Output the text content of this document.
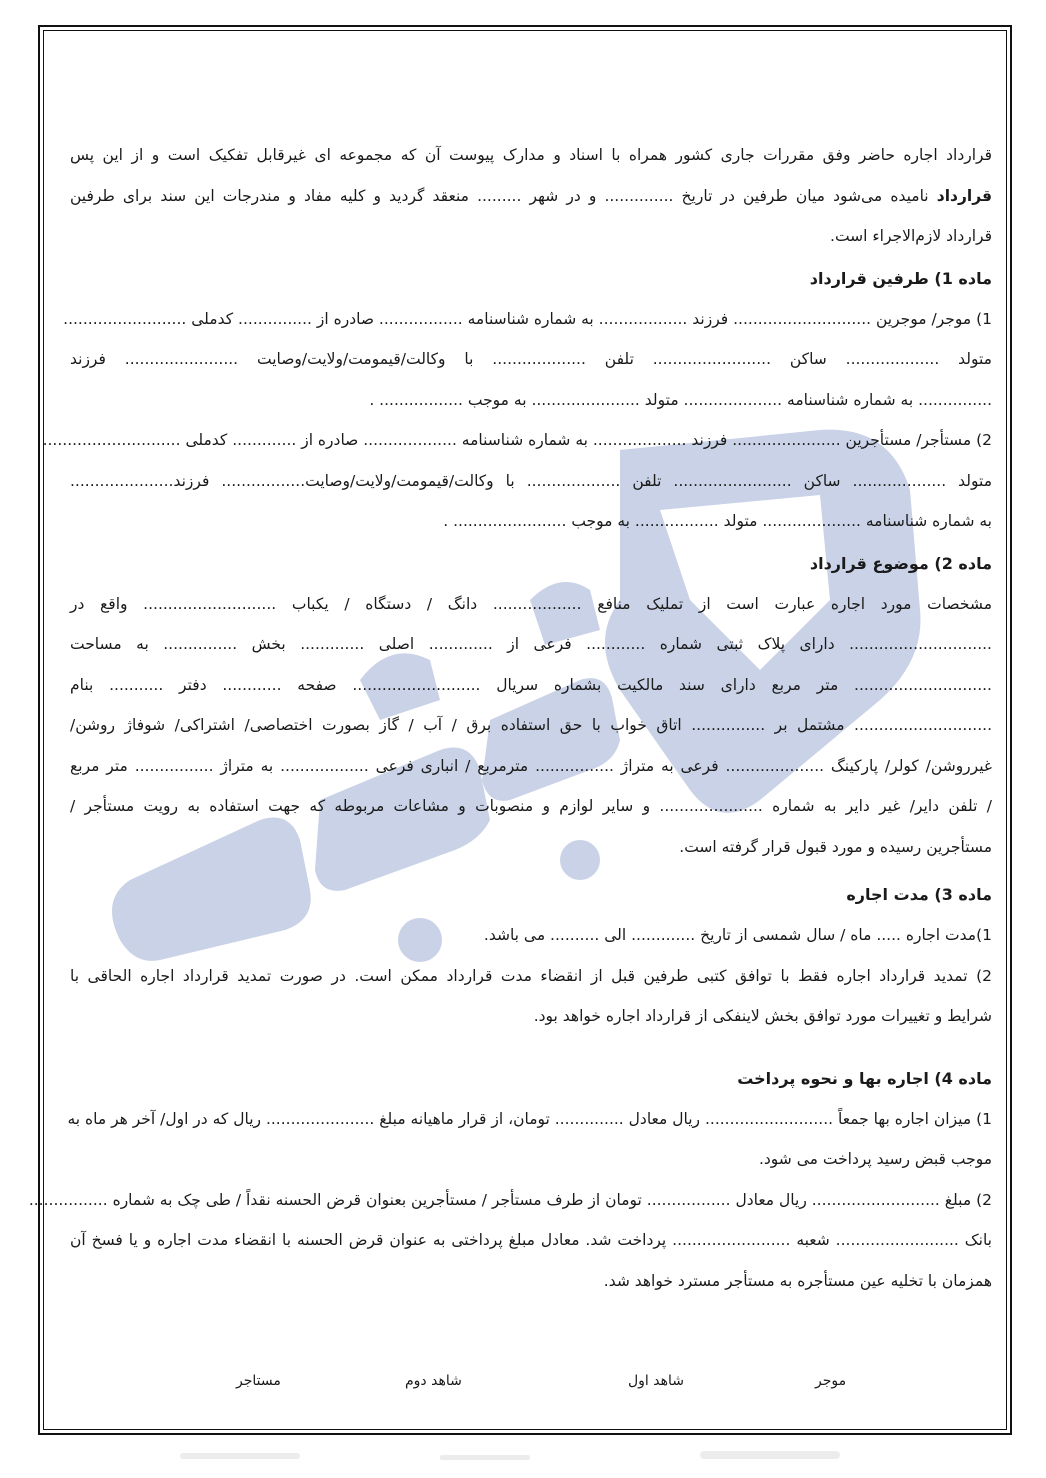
قرارداد اجاره حاضر وفق مقررات جاری کشور همراه با اسناد و مدارک پیوست آن که مجموعه ای غیرقابل تفکیک است و از این پس

قرارداد نامیده می‌شود میان طرفین در تاریخ .............. و در شهر ......... منعقد گردید و کلیه مفاد و مندرجات این سند برای طرفین

قرارداد لازم‌الاجراء است.

ماده 1) طرفین قرارداد

1) موجر/ موجرین ............................ فرزند .................. به شماره شناسنامه ................. صادره از ............... کدملی .........................

متولد ................... ساکن ........................ تلفن ................... با وکالت/قیمومت/ولایت/وصایت ....................... فرزند

............... به شماره شناسنامه .................... متولد ...................... به موجب ................. .

2) مستأجر/ مستأجرین ...................... فرزند ................... به شماره شناسنامه ................... صادره از ............. کدملی ............................

متولد ................... ساکن ........................ تلفن ................... با وکالت/قیمومت/ولایت/وصایت................. فرزند.....................

به شماره شناسنامه .................... متولد ................. به موجب ....................... .

ماده 2) موضوع قرارداد

مشخصات مورد اجاره عبارت است از تملیک منافع .................. دانگ / دستگاه / یکباب ........................... واقع در

............................. دارای پلاک ثبتی شماره ............ فرعی از ............. اصلی ............. بخش ............... به مساحت

............................ متر مربع دارای سند مالکیت بشماره سریال .......................... صفحه ............ دفتر ........... بنام

............................ مشتمل بر ............... اتاق خواب با حق استفاده برق / آب / گاز بصورت اختصاصی/ اشتراکی/ شوفاژ روشن/

غیرروشن/ کولر/ پارکینگ .................... فرعی به متراژ ................ مترمربع / انباری فرعی .................. به متراژ ................ متر مربع

/ تلفن دایر/ غیر دایر به شماره ..................... و سایر لوازم و منصوبات و مشاعات مربوطه که جهت استفاده به رویت مستأجر /

مستأجرین رسیده و مورد قبول قرار گرفته است.

ماده 3) مدت اجاره

1)مدت اجاره ..... ماه / سال شمسی از تاریخ ............. الی .......... می باشد.

2) تمدید قرارداد اجاره فقط با توافق کتبی طرفین قبل از انقضاء مدت قرارداد ممکن است. در صورت تمدید قرارداد اجاره الحاقی با

شرایط و تغییرات مورد توافق بخش لاینفکی از قرارداد اجاره خواهد بود.

ماده 4) اجاره بها و نحوه پرداخت

1) میزان اجاره بها جمعاً .......................... ریال معادل .............. تومان، از قرار ماهیانه مبلغ ...................... ریال که در اول/ آخر هر ماه به

موجب قبض رسید پرداخت می شود.

2) مبلغ .......................... ریال معادل ................. تومان از طرف مستأجر / مستأجرین بعنوان قرض الحسنه نقداً / طی چک به شماره ................

بانک ......................... شعبه ........................ پرداخت شد. معادل مبلغ پرداختی به عنوان قرض الحسنه با انقضاء مدت اجاره و یا فسخ آن

همزمان با تخلیه عین مستأجره به مستأجر مسترد خواهد شد.

موجر
شاهد اول
شاهد دوم
مستاجر
